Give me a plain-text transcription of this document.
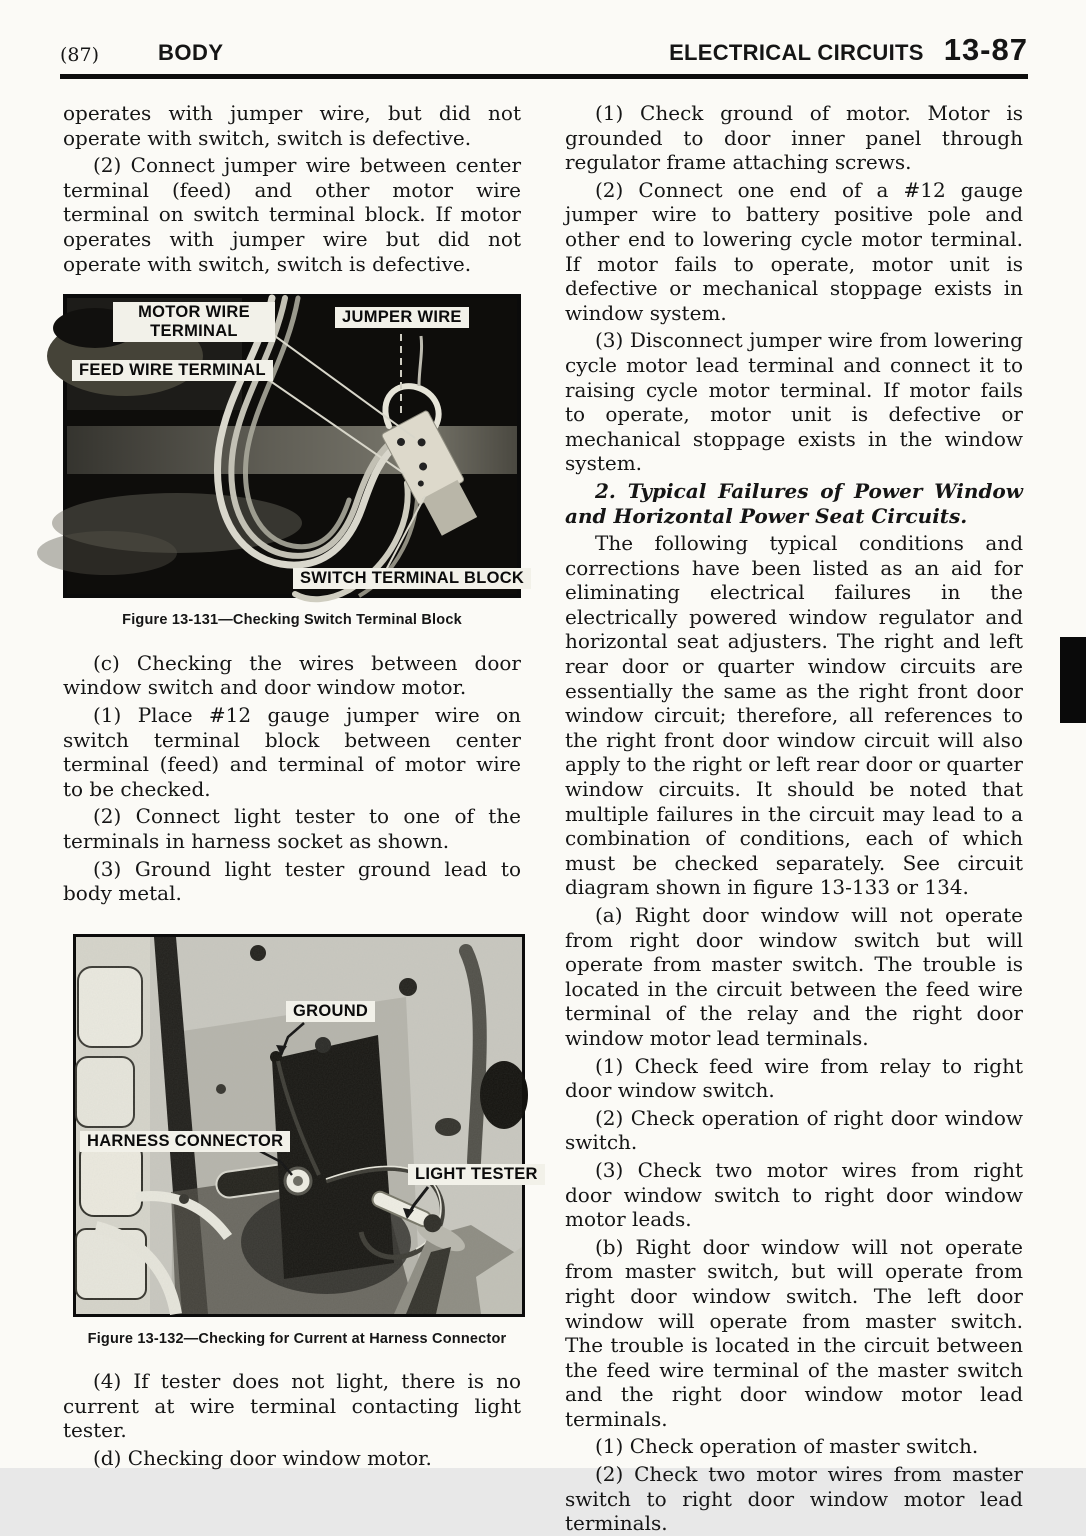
(87)	BODY	ELECTRICAL CIRCUITS 13-87

operates with jumper wire, but did not operate with switch, switch is defective.

(2) Connect jumper wire between center terminal (feed) and other motor wire terminal on switch terminal block. If motor operates with jumper wire but did not operate with switch, switch is defective.

MOTOR WIRE TERMINAL
JUMPER WIRE
FEED WIRE TERMINAL
SWITCH TERMINAL BLOCK
Figure 13-131—Checking Switch Terminal Block

(c) Checking the wires between door window switch and door window motor.

(1) Place #12 gauge jumper wire on switch terminal block between center terminal (feed) and terminal of motor wire to be checked.

(2) Connect light tester to one of the terminals in harness socket as shown.

(3) Ground light tester ground lead to body metal.

GROUND
HARNESS CONNECTOR
LIGHT TESTER
Figure 13-132—Checking for Current at Harness Connector

(4) If tester does not light, there is no current at wire terminal contacting light tester.

(d) Checking door window motor.

(1) Check ground of motor. Motor is grounded to door inner panel through regulator frame attaching screws.

(2) Connect one end of a #12 gauge jumper wire to battery positive pole and other end to lowering cycle motor terminal. If motor fails to operate, motor unit is defective or mechanical stoppage exists in window system.

(3) Disconnect jumper wire from lowering cycle motor lead terminal and connect it to raising cycle motor terminal. If motor fails to operate, motor unit is defective or mechanical stoppage exists in the window system.

2. Typical Failures of Power Window and Horizontal Power Seat Circuits.

The following typical conditions and corrections have been listed as an aid for eliminating electrical failures in the electrically powered window regulator and horizontal seat adjusters. The right and left rear door or quarter window circuits are essentially the same as the right front door window circuit; therefore, all references to the right front door window circuit will also apply to the right or left rear door or quarter window circuits. It should be noted that multiple failures in the circuit may lead to a combination of conditions, each of which must be checked separately. See circuit diagram shown in figure 13-133 or 134.

(a) Right door window will not operate from right door window switch but will operate from master switch. The trouble is located in the circuit between the feed wire terminal of the relay and the right door window motor lead terminals.

(1) Check feed wire from relay to right door window switch.

(2) Check operation of right door window switch.

(3) Check two motor wires from right door window switch to right door window motor leads.

(b) Right door window will not operate from master switch, but will operate from right door window switch. The left door window will operate from master switch. The trouble is located in the circuit between the feed wire terminal of the master switch and the right door window motor lead terminals.

(1) Check operation of master switch.

(2) Check two motor wires from master switch to right door window motor lead terminals.
